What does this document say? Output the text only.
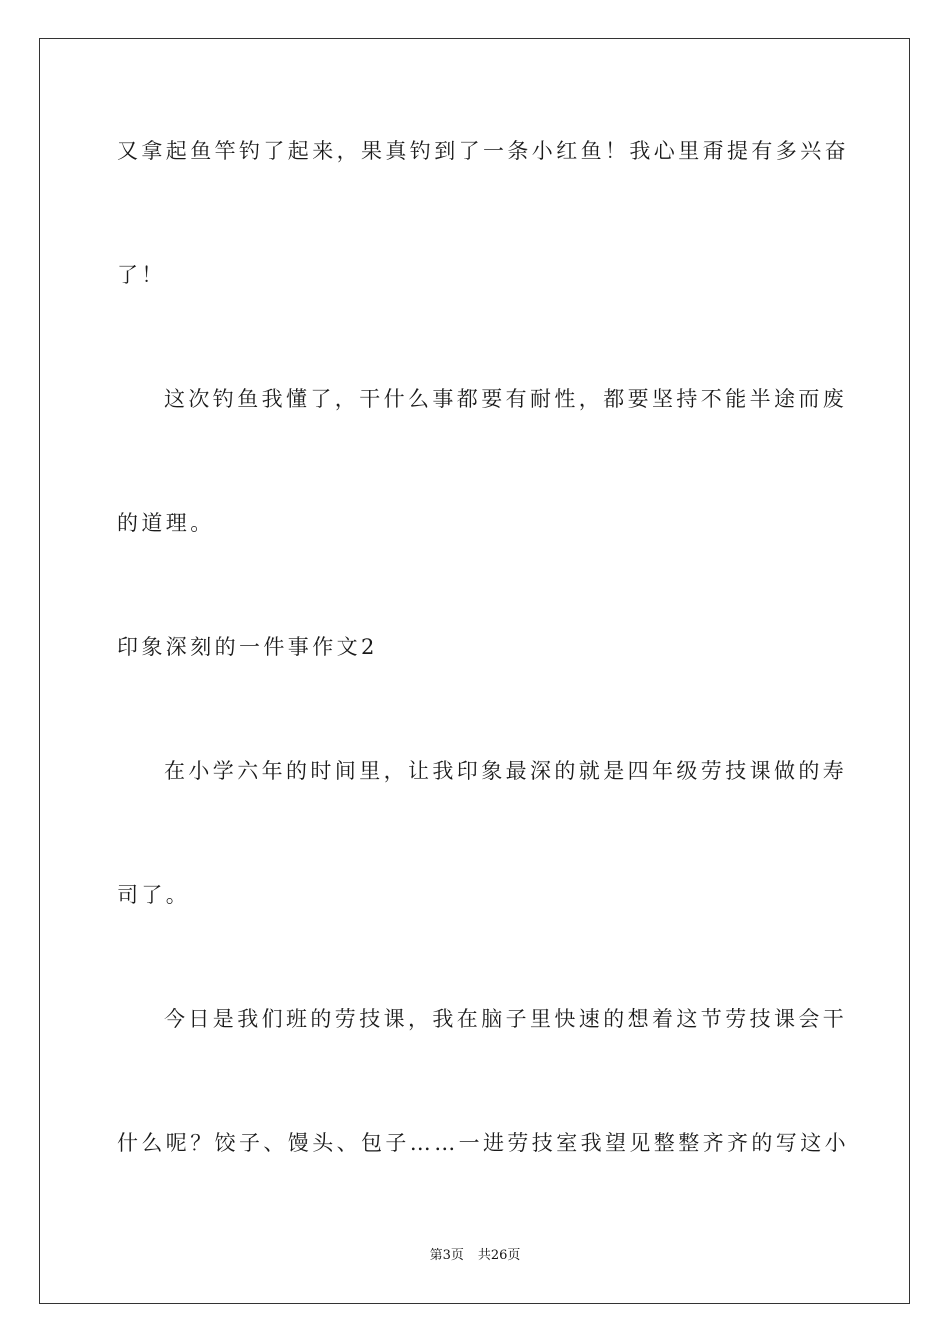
又拿起鱼竿钓了起来，果真钓到了一条小红鱼！我心里甭提有多兴奋
了！
这次钓鱼我懂了，干什么事都要有耐性，都要坚持不能半途而废
的道理。
印象深刻的一件事作文2
在小学六年的时间里，让我印象最深的就是四年级劳技课做的寿
司了。
今日是我们班的劳技课，我在脑子里快速的想着这节劳技课会干
什么呢？饺子、馒头、包子……一进劳技室我望见整整齐齐的写这小
第3页 共26页
